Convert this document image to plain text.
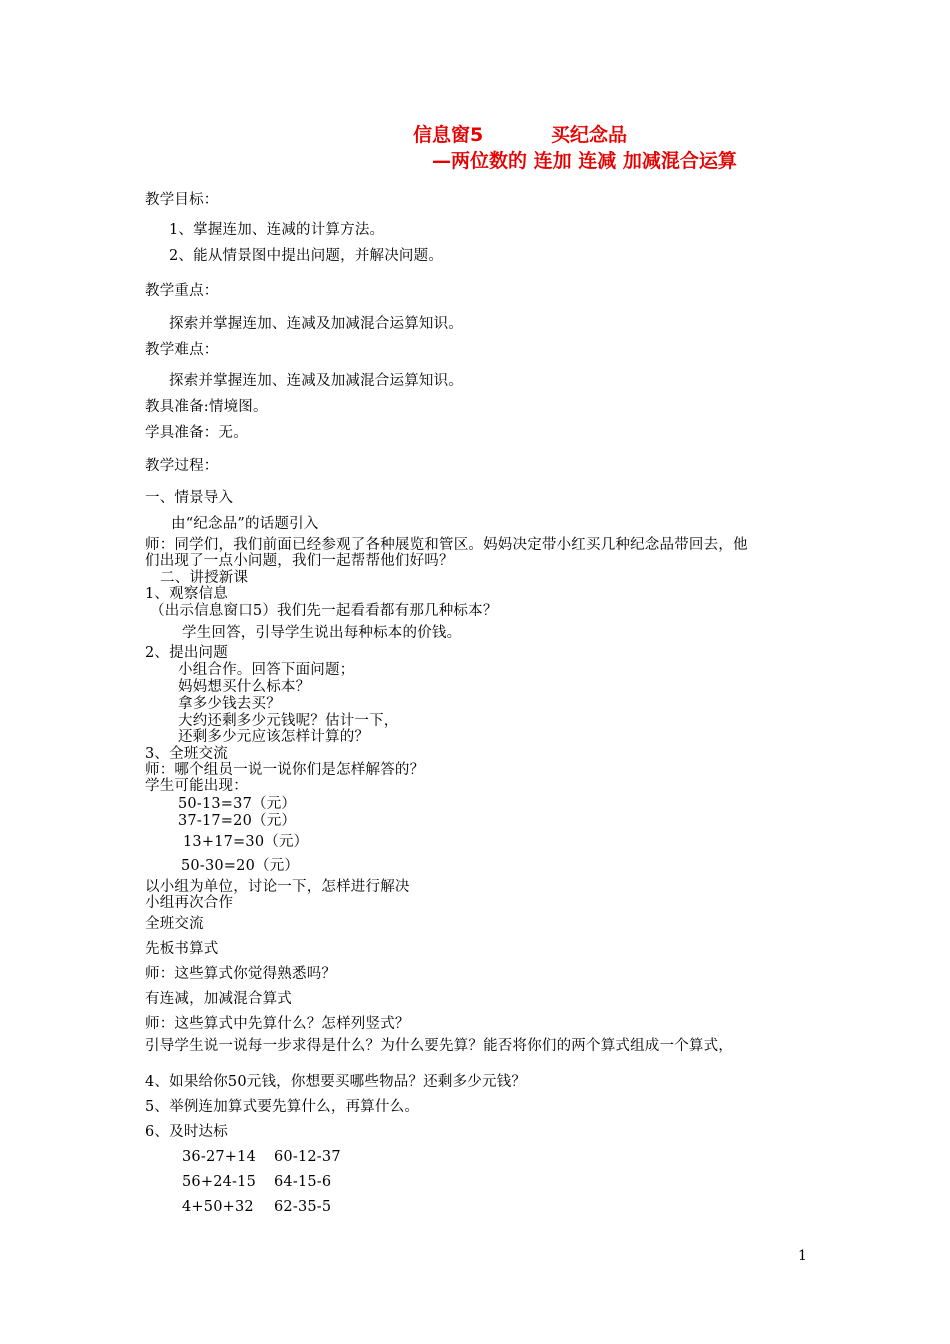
信息窗5	买纪念品
—两位数的 连加 连减 加减混合运算
教学目标：
1、掌握连加、连减的计算方法。
2、能从情景图中提出问题，并解决问题。
教学重点：
探索并掌握连加、连减及加减混合运算知识。
教学难点：
探索并掌握连加、连减及加减混合运算知识。
教具准备:情境图。
学具准备：无。
教学过程：
一、情景导入
由“纪念品”的话题引入
师：同学们，我们前面已经参观了各种展览和管区。妈妈决定带小红买几种纪念品带回去，他
们出现了一点小问题，我们一起帮帮他们好吗？
二、讲授新课
1、观察信息
（出示信息窗口5）我们先一起看看都有那几种标本？
学生回答，引导学生说出每种标本的价钱。
2、提出问题
小组合作。回答下面问题；
妈妈想买什么标本？
拿多少钱去买？
大约还剩多少元钱呢？估计一下，
还剩多少元应该怎样计算的？
3、全班交流
师：哪个组员一说一说你们是怎样解答的？
学生可能出现：
50-13=37（元）
37-17=20（元）
13+17=30（元）
50-30=20（元）
以小组为单位，讨论一下，怎样进行解决
小组再次合作
全班交流
先板书算式
师：这些算式你觉得熟悉吗？
有连减，加减混合算式
师：这些算式中先算什么？怎样列竖式？
引导学生说一说每一步求得是什么？为什么要先算？能否将你们的两个算式组成一个算式，
4、如果给你50元钱，你想要买哪些物品？还剩多少元钱？
5、举例连加算式要先算什么，再算什么。
6、及时达标
36-27+14 60-12-37
56+24-15 64-15-6
4+50+32 62-35-5
1
